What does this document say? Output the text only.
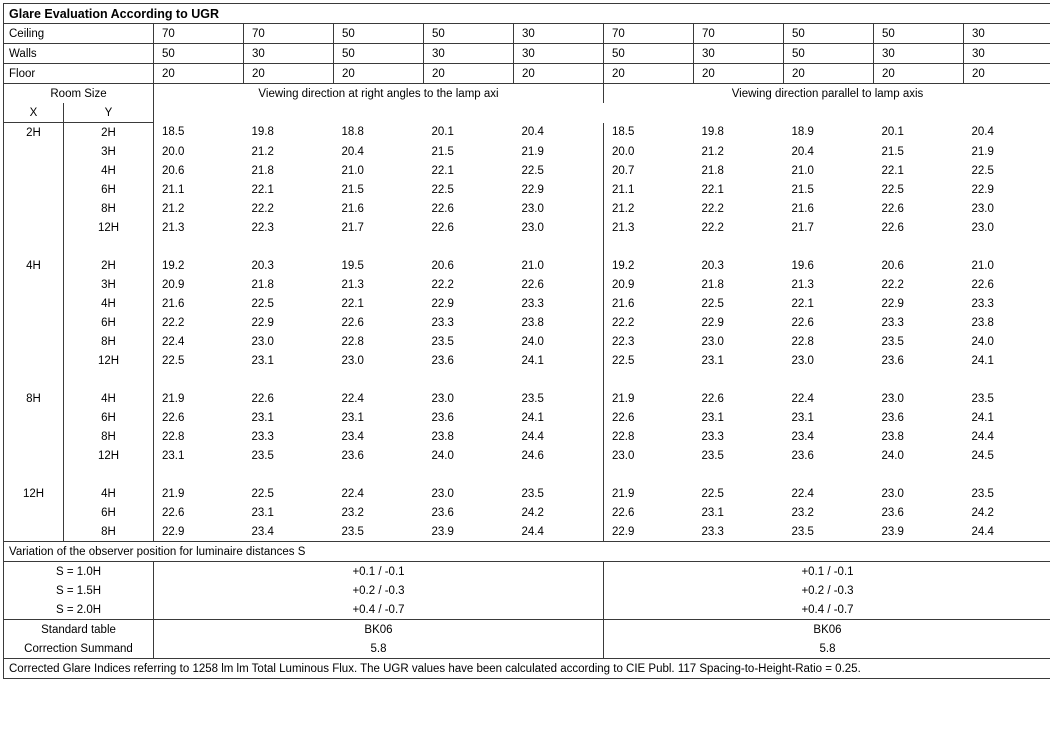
Glare Evaluation According to UGR											
Ceiling		70	70	50	50	30	70	70	50	50	30
Walls		50	30	50	30	30	50	30	50	30	30
Floor		20	20	20	20	20	20	20	20	20	20
Room Size		Viewing direction at right angles to the lamp axi					Viewing direction parallel to lamp axis				
X	Y										
2H	2H	18.5	19.8	18.8	20.1	20.4	18.5	19.8	18.9	20.1	20.4
	3H	20.0	21.2	20.4	21.5	21.9	20.0	21.2	20.4	21.5	21.9
	4H	20.6	21.8	21.0	22.1	22.5	20.7	21.8	21.0	22.1	22.5
	6H	21.1	22.1	21.5	22.5	22.9	21.1	22.1	21.5	22.5	22.9
	8H	21.2	22.2	21.6	22.6	23.0	21.2	22.2	21.6	22.6	23.0
	12H	21.3	22.3	21.7	22.6	23.0	21.3	22.2	21.7	22.6	23.0

4H	2H	19.2	20.3	19.5	20.6	21.0	19.2	20.3	19.6	20.6	21.0
	3H	20.9	21.8	21.3	22.2	22.6	20.9	21.8	21.3	22.2	22.6
	4H	21.6	22.5	22.1	22.9	23.3	21.6	22.5	22.1	22.9	23.3
	6H	22.2	22.9	22.6	23.3	23.8	22.2	22.9	22.6	23.3	23.8
	8H	22.4	23.0	22.8	23.5	24.0	22.3	23.0	22.8	23.5	24.0
	12H	22.5	23.1	23.0	23.6	24.1	22.5	23.1	23.0	23.6	24.1

8H	4H	21.9	22.6	22.4	23.0	23.5	21.9	22.6	22.4	23.0	23.5
	6H	22.6	23.1	23.1	23.6	24.1	22.6	23.1	23.1	23.6	24.1
	8H	22.8	23.3	23.4	23.8	24.4	22.8	23.3	23.4	23.8	24.4
	12H	23.1	23.5	23.6	24.0	24.6	23.0	23.5	23.6	24.0	24.5

12H	4H	21.9	22.5	22.4	23.0	23.5	21.9	22.5	22.4	23.0	23.5
	6H	22.6	23.1	23.2	23.6	24.2	22.6	23.1	23.2	23.6	24.2
	8H	22.9	23.4	23.5	23.9	24.4	22.9	23.3	23.5	23.9	24.4
Variation of the observer position for luminaire distances S											
S = 1.0H		+0.1 / -0.1					+0.1 / -0.1				
S = 1.5H		+0.2 / -0.3					+0.2 / -0.3				
S = 2.0H		+0.4 / -0.7					+0.4 / -0.7				
Standard table		BK06					BK06				
Correction Summand		5.8					5.8				
Corrected Glare Indices referring to 1258 lm lm Total Luminous Flux. The UGR values have been calculated according to CIE Publ. 117 Spacing-to-Height-Ratio = 0.25.											
